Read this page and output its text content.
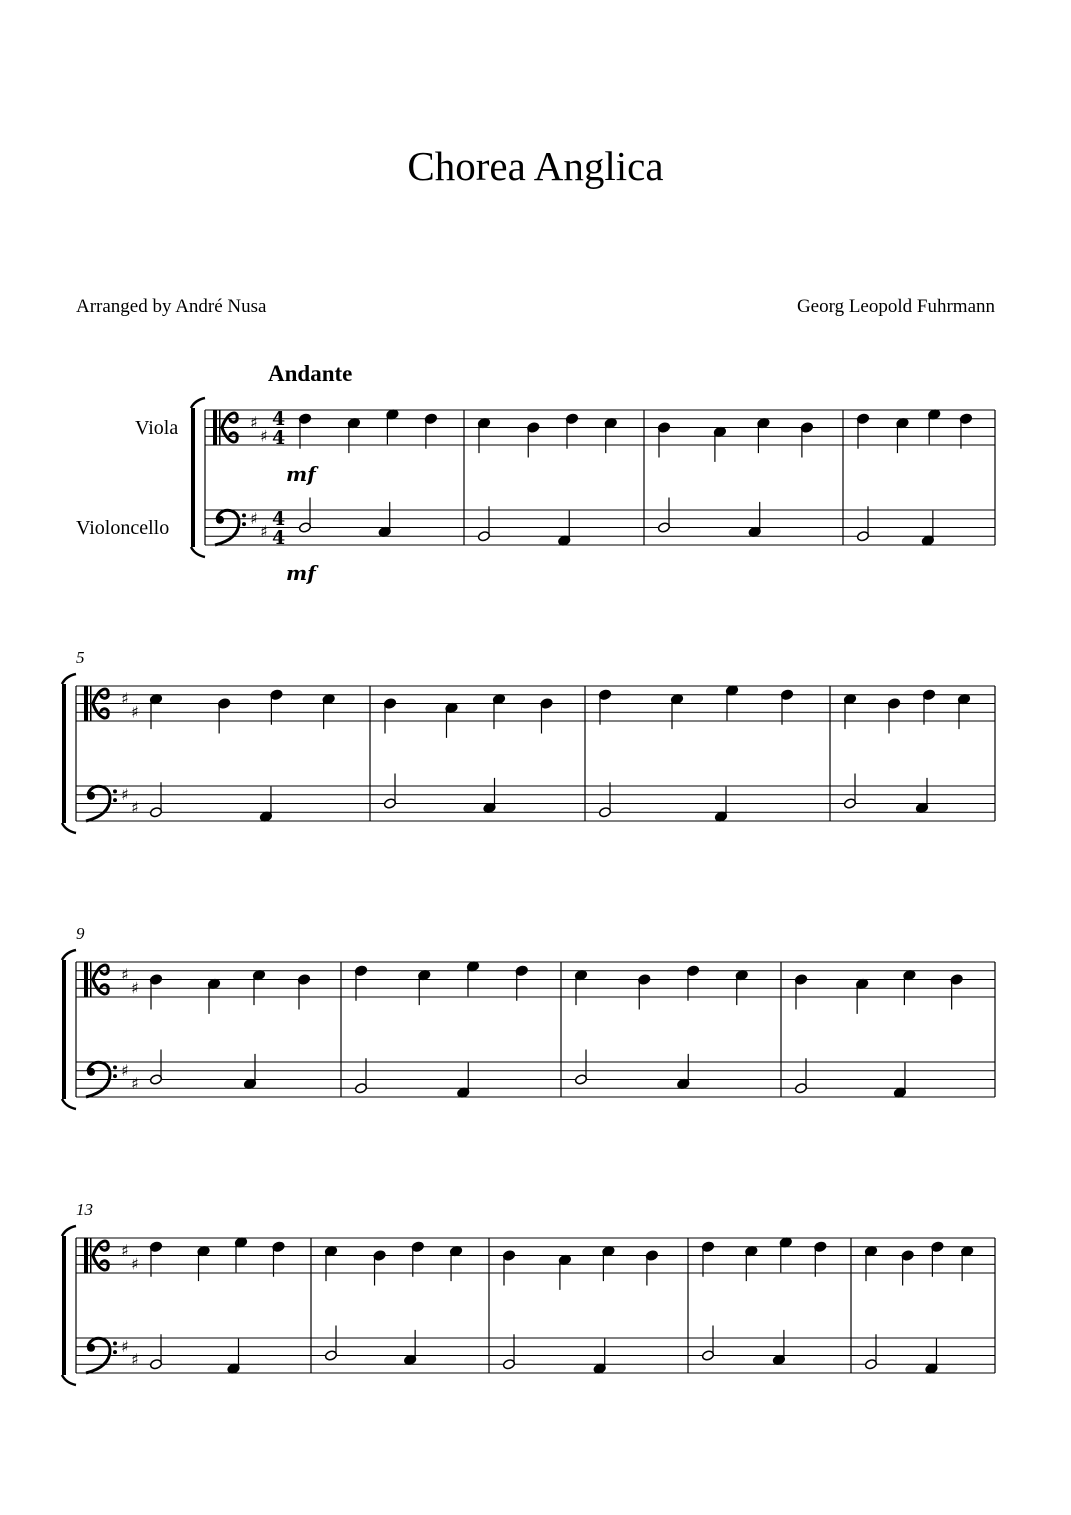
Chorea Anglica
Arranged by André Nusa	Georg Leopold Fuhrmann
Andante
Viola
Violoncello
mf
mf
5
9
13
♯
♯
♯
♯
♯
♯
♯
♯
♯
♯
♯
♯
♯
♯
♯
♯
4
4
4
4
